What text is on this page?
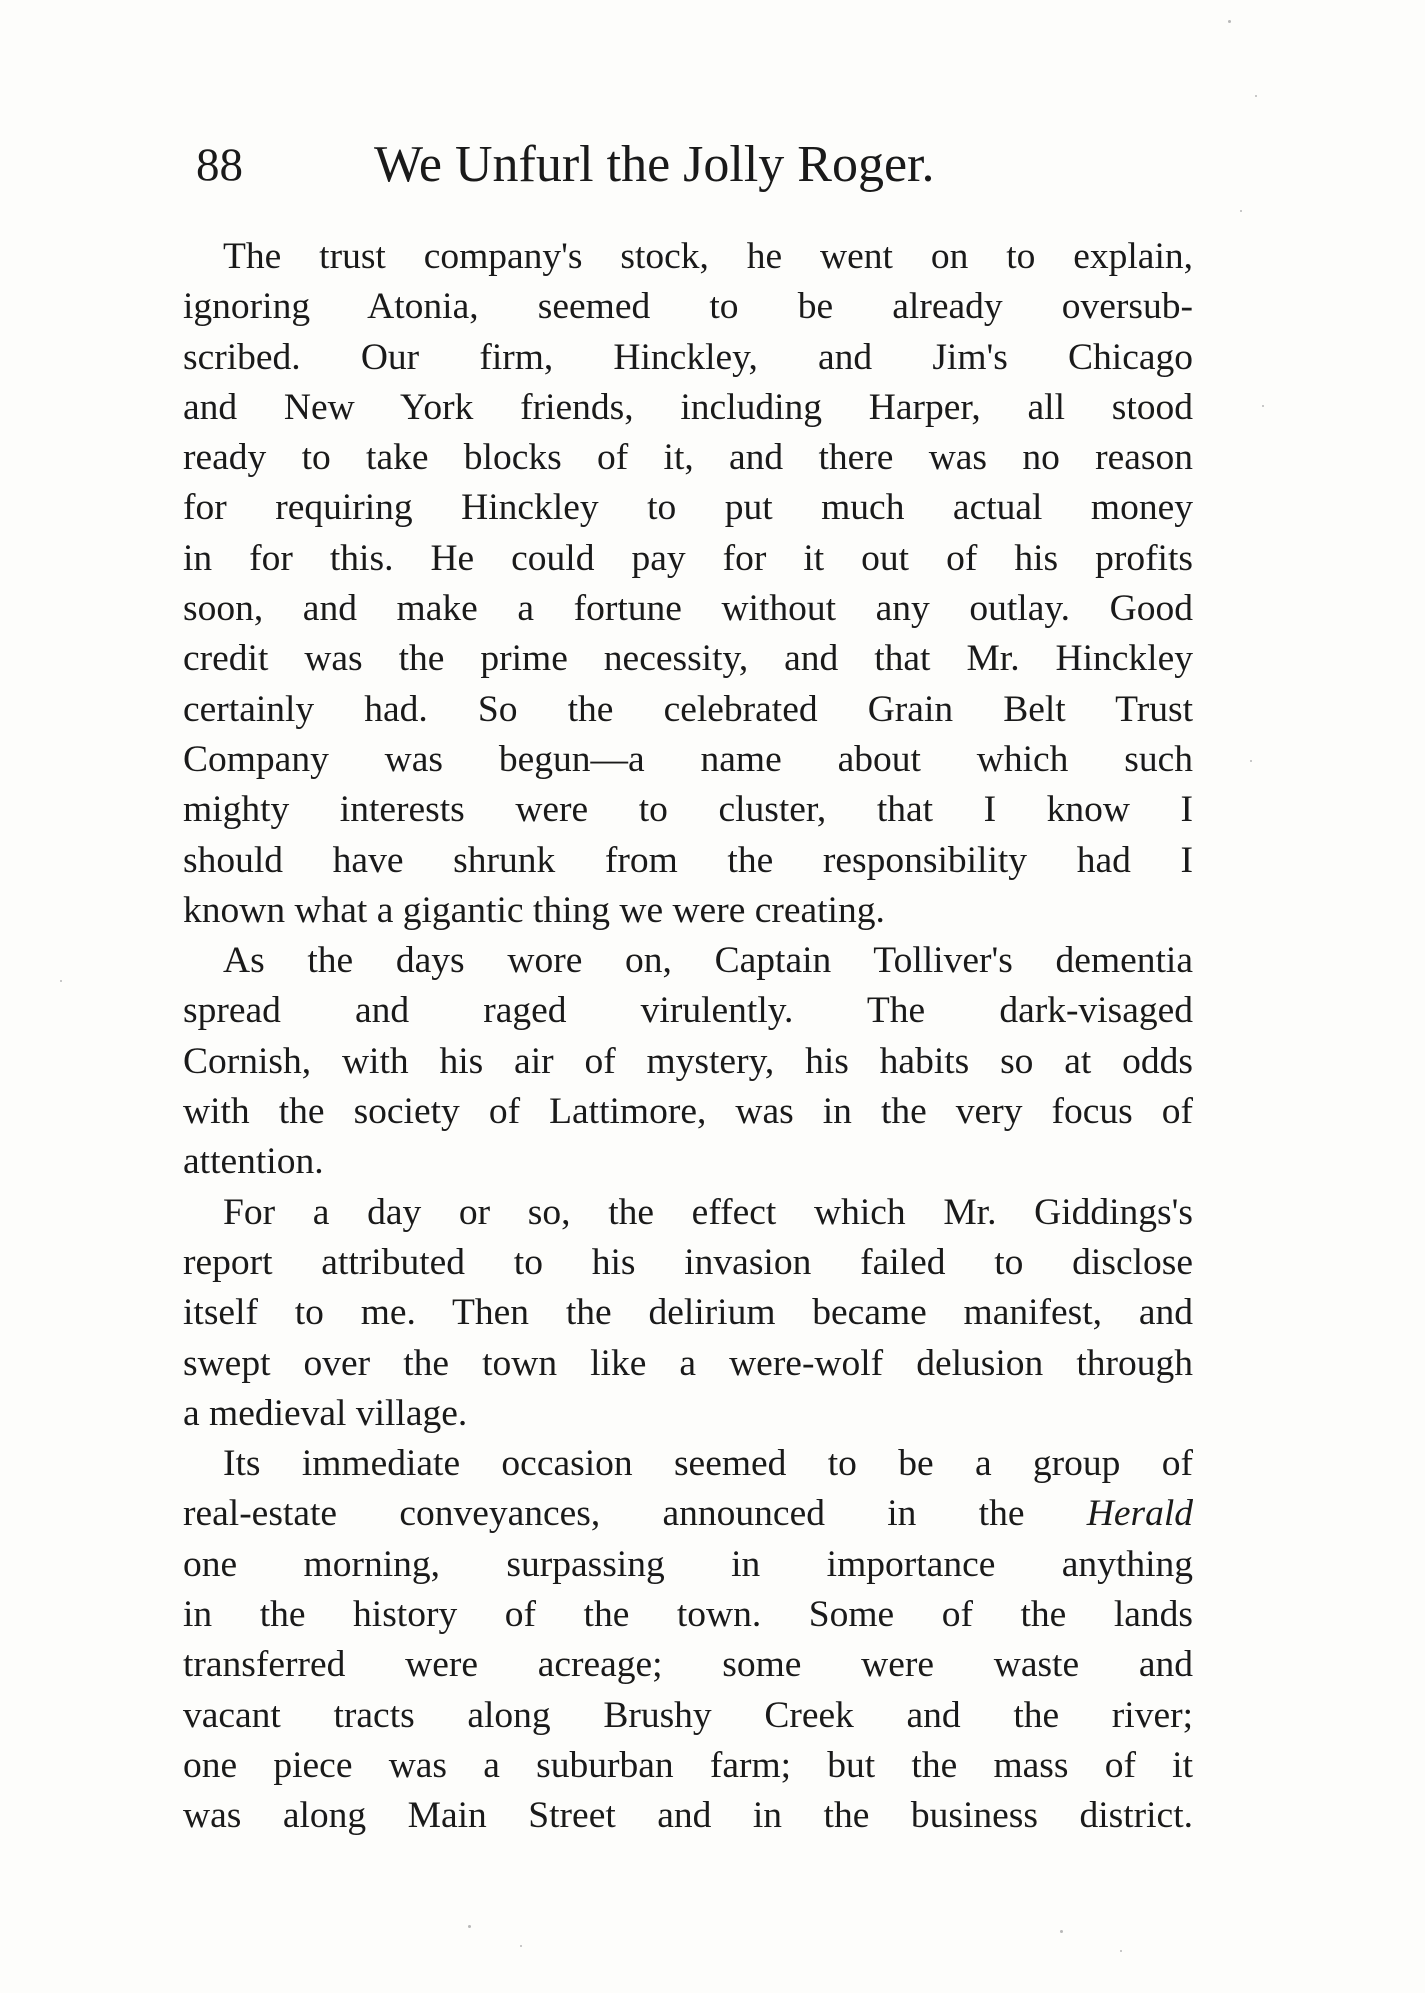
88	We Unfurl the Jolly Roger.
The trust company's stock, he went on to explain,
ignoring Atonia, seemed to be already oversub-
scribed. Our firm, Hinckley, and Jim's Chicago
and New York friends, including Harper, all stood
ready to take blocks of it, and there was no reason
for requiring Hinckley to put much actual money
in for this. He could pay for it out of his profits
soon, and make a fortune without any outlay. Good
credit was the prime necessity, and that Mr. Hinckley
certainly had. So the celebrated Grain Belt Trust
Company was begun—a name about which such
mighty interests were to cluster, that I know I
should have shrunk from the responsibility had I
known what a gigantic thing we were creating.
As the days wore on, Captain Tolliver's dementia
spread and raged virulently. The dark-visaged
Cornish, with his air of mystery, his habits so at odds
with the society of Lattimore, was in the very focus of
attention.
For a day or so, the effect which Mr. Giddings's
report attributed to his invasion failed to disclose
itself to me. Then the delirium became manifest, and
swept over the town like a were-wolf delusion through
a medieval village.
Its immediate occasion seemed to be a group of
real-estate conveyances, announced in the Herald
one morning, surpassing in importance anything
in the history of the town. Some of the lands
transferred were acreage; some were waste and
vacant tracts along Brushy Creek and the river;
one piece was a suburban farm; but the mass of it
was along Main Street and in the business district.
